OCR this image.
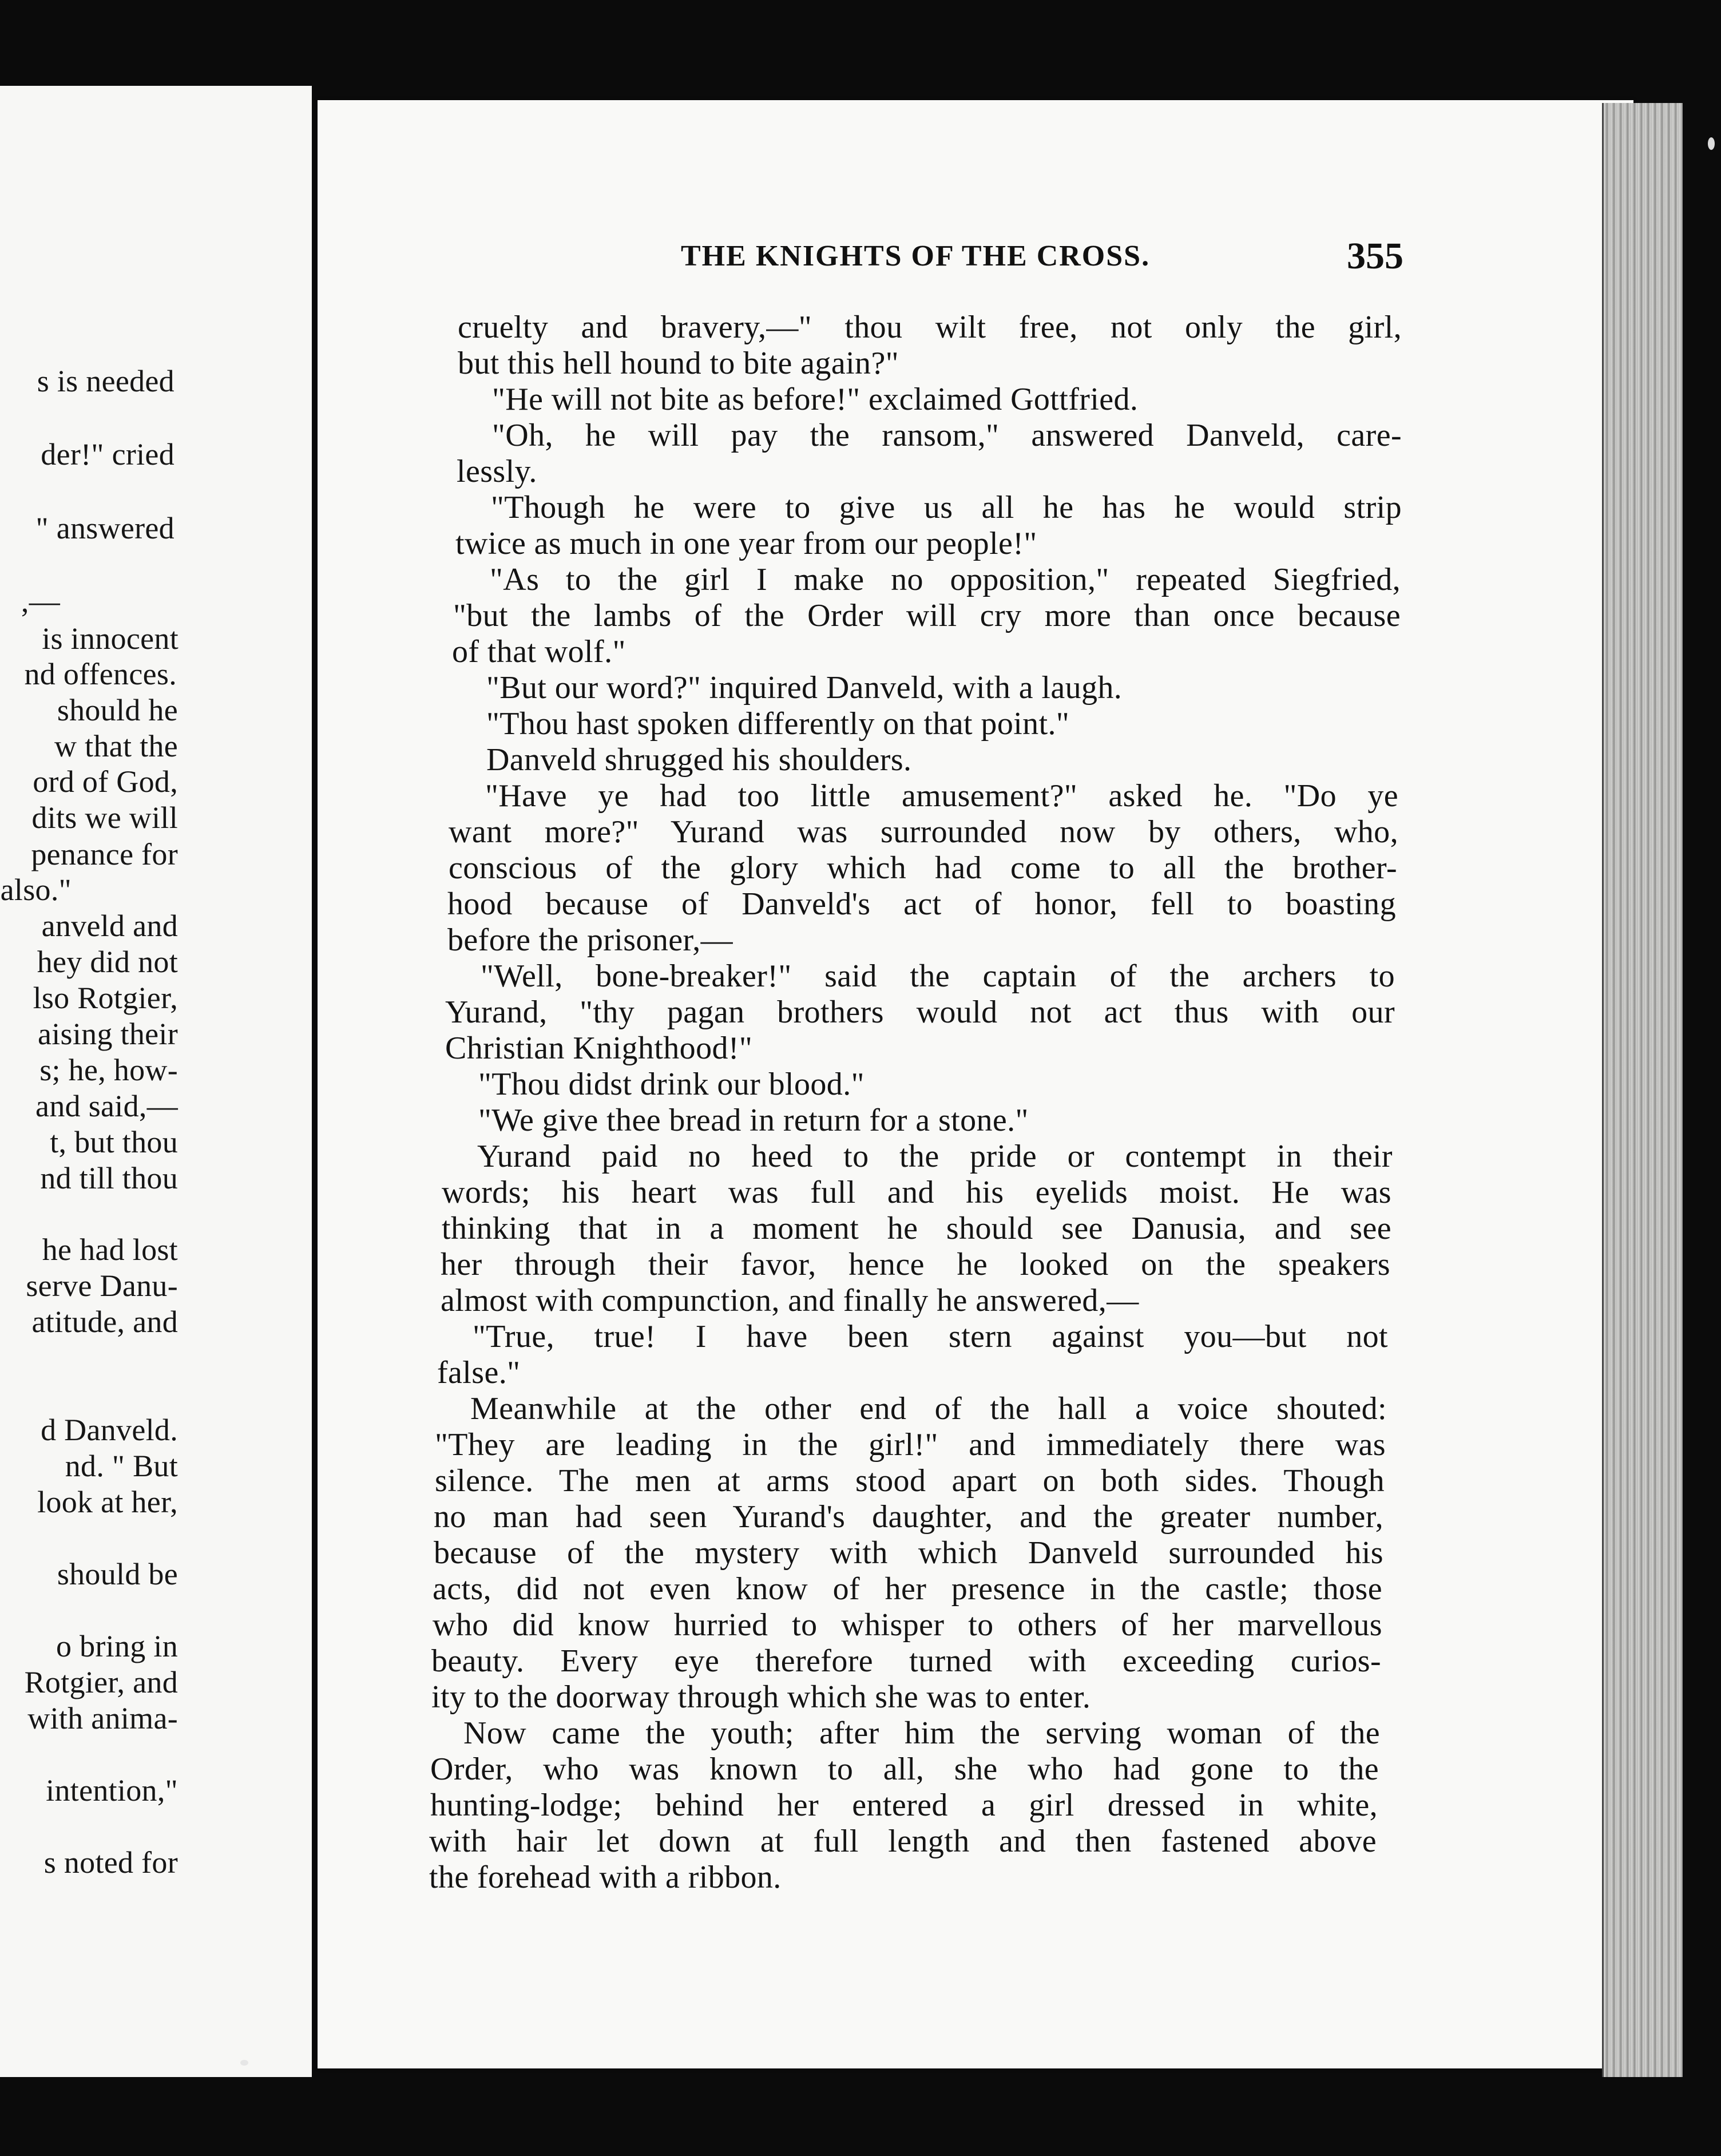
s is needed
der!" cried
" answered
,—
is innocent
nd offences.
should he
w that the
ord of God,
dits we will
penance for
also."
anveld and
hey did not
lso Rotgier,
aising their
s; he, how-
and said,—
t, but thou
nd till thou
he had lost
serve Danu-
atitude, and
d Danveld.
nd. " But
look at her,
should be
o bring in
Rotgier, and
with anima-
intention,"
s noted for
THE KNIGHTS OF THE CROSS.	355
cruelty and bravery,—" thou wilt free, not only the girl,
but this hell hound to bite again?"
"He will not bite as before!" exclaimed Gottfried.
"Oh, he will pay the ransom," answered Danveld, care-
lessly.
"Though he were to give us all he has he would strip
twice as much in one year from our people!"
"As to the girl I make no opposition," repeated Siegfried,
"but the lambs of the Order will cry more than once because
of that wolf."
"But our word?" inquired Danveld, with a laugh.
"Thou hast spoken differently on that point."
Danveld shrugged his shoulders.
"Have ye had too little amusement?" asked he. "Do ye
want more?" Yurand was surrounded now by others, who,
conscious of the glory which had come to all the brother-
hood because of Danveld's act of honor, fell to boasting
before the prisoner,—
"Well, bone-breaker!" said the captain of the archers to
Yurand, "thy pagan brothers would not act thus with our
Christian Knighthood!"
"Thou didst drink our blood."
"We give thee bread in return for a stone."
Yurand paid no heed to the pride or contempt in their
words; his heart was full and his eyelids moist. He was
thinking that in a moment he should see Danusia, and see
her through their favor, hence he looked on the speakers
almost with compunction, and finally he answered,—
"True, true! I have been stern against you—but not
false."
Meanwhile at the other end of the hall a voice shouted:
"They are leading in the girl!" and immediately there was
silence. The men at arms stood apart on both sides. Though
no man had seen Yurand's daughter, and the greater number,
because of the mystery with which Danveld surrounded his
acts, did not even know of her presence in the castle; those
who did know hurried to whisper to others of her marvellous
beauty. Every eye therefore turned with exceeding curios-
ity to the doorway through which she was to enter.
Now came the youth; after him the serving woman of the
Order, who was known to all, she who had gone to the
hunting-lodge; behind her entered a girl dressed in white,
with hair let down at full length and then fastened above
the forehead with a ribbon.
